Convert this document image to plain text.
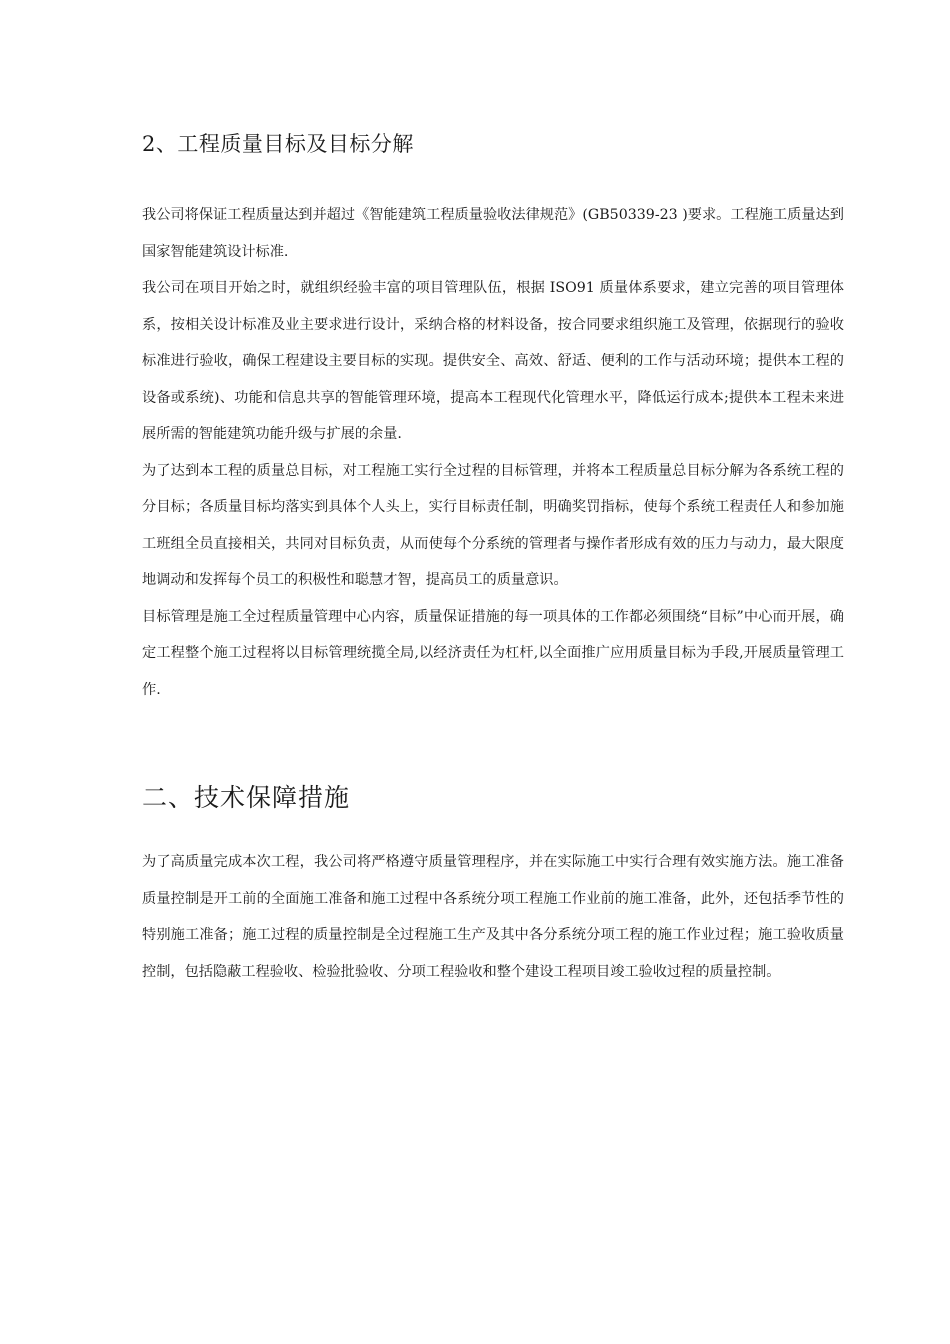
2、工程质量目标及目标分解

我公司将保证工程质量达到并超过《智能建筑工程质量验收法律规范》(GB50339-23 )要求。工程施工质量达到国家智能建筑设计标准.

我公司在项目开始之时，就组织经验丰富的项目管理队伍，根据 ISO91 质量体系要求，建立完善的项目管理体系，按相关设计标准及业主要求进行设计，采纳合格的材料设备，按合同要求组织施工及管理，依据现行的验收标准进行验收，确保工程建设主要目标的实现。提供安全、高效、舒适、便利的工作与活动环境；提供本工程的设备或系统)、功能和信息共享的智能管理环境，提高本工程现代化管理水平，降低运行成本;提供本工程未来进展所需的智能建筑功能升级与扩展的余量.

为了达到本工程的质量总目标，对工程施工实行全过程的目标管理，并将本工程质量总目标分解为各系统工程的分目标；各质量目标均落实到具体个人头上，实行目标责任制，明确奖罚指标，使每个系统工程责任人和参加施工班组全员直接相关，共同对目标负责，从而使每个分系统的管理者与操作者形成有效的压力与动力，最大限度地调动和发挥每个员工的积极性和聪慧才智，提高员工的质量意识。

目标管理是施工全过程质量管理中心内容，质量保证措施的每一项具体的工作都必须围绕“目标”中心而开展，确定工程整个施工过程将以目标管理统揽全局,以经济责任为杠杆,以全面推广应用质量目标为手段,开展质量管理工作.

二、技术保障措施

为了高质量完成本次工程，我公司将严格遵守质量管理程序，并在实际施工中实行合理有效实施方法。施工准备质量控制是开工前的全面施工准备和施工过程中各系统分项工程施工作业前的施工准备，此外，还包括季节性的特别施工准备；施工过程的质量控制是全过程施工生产及其中各分系统分项工程的施工作业过程；施工验收质量控制，包括隐蔽工程验收、检验批验收、分项工程验收和整个建设工程项目竣工验收过程的质量控制。
